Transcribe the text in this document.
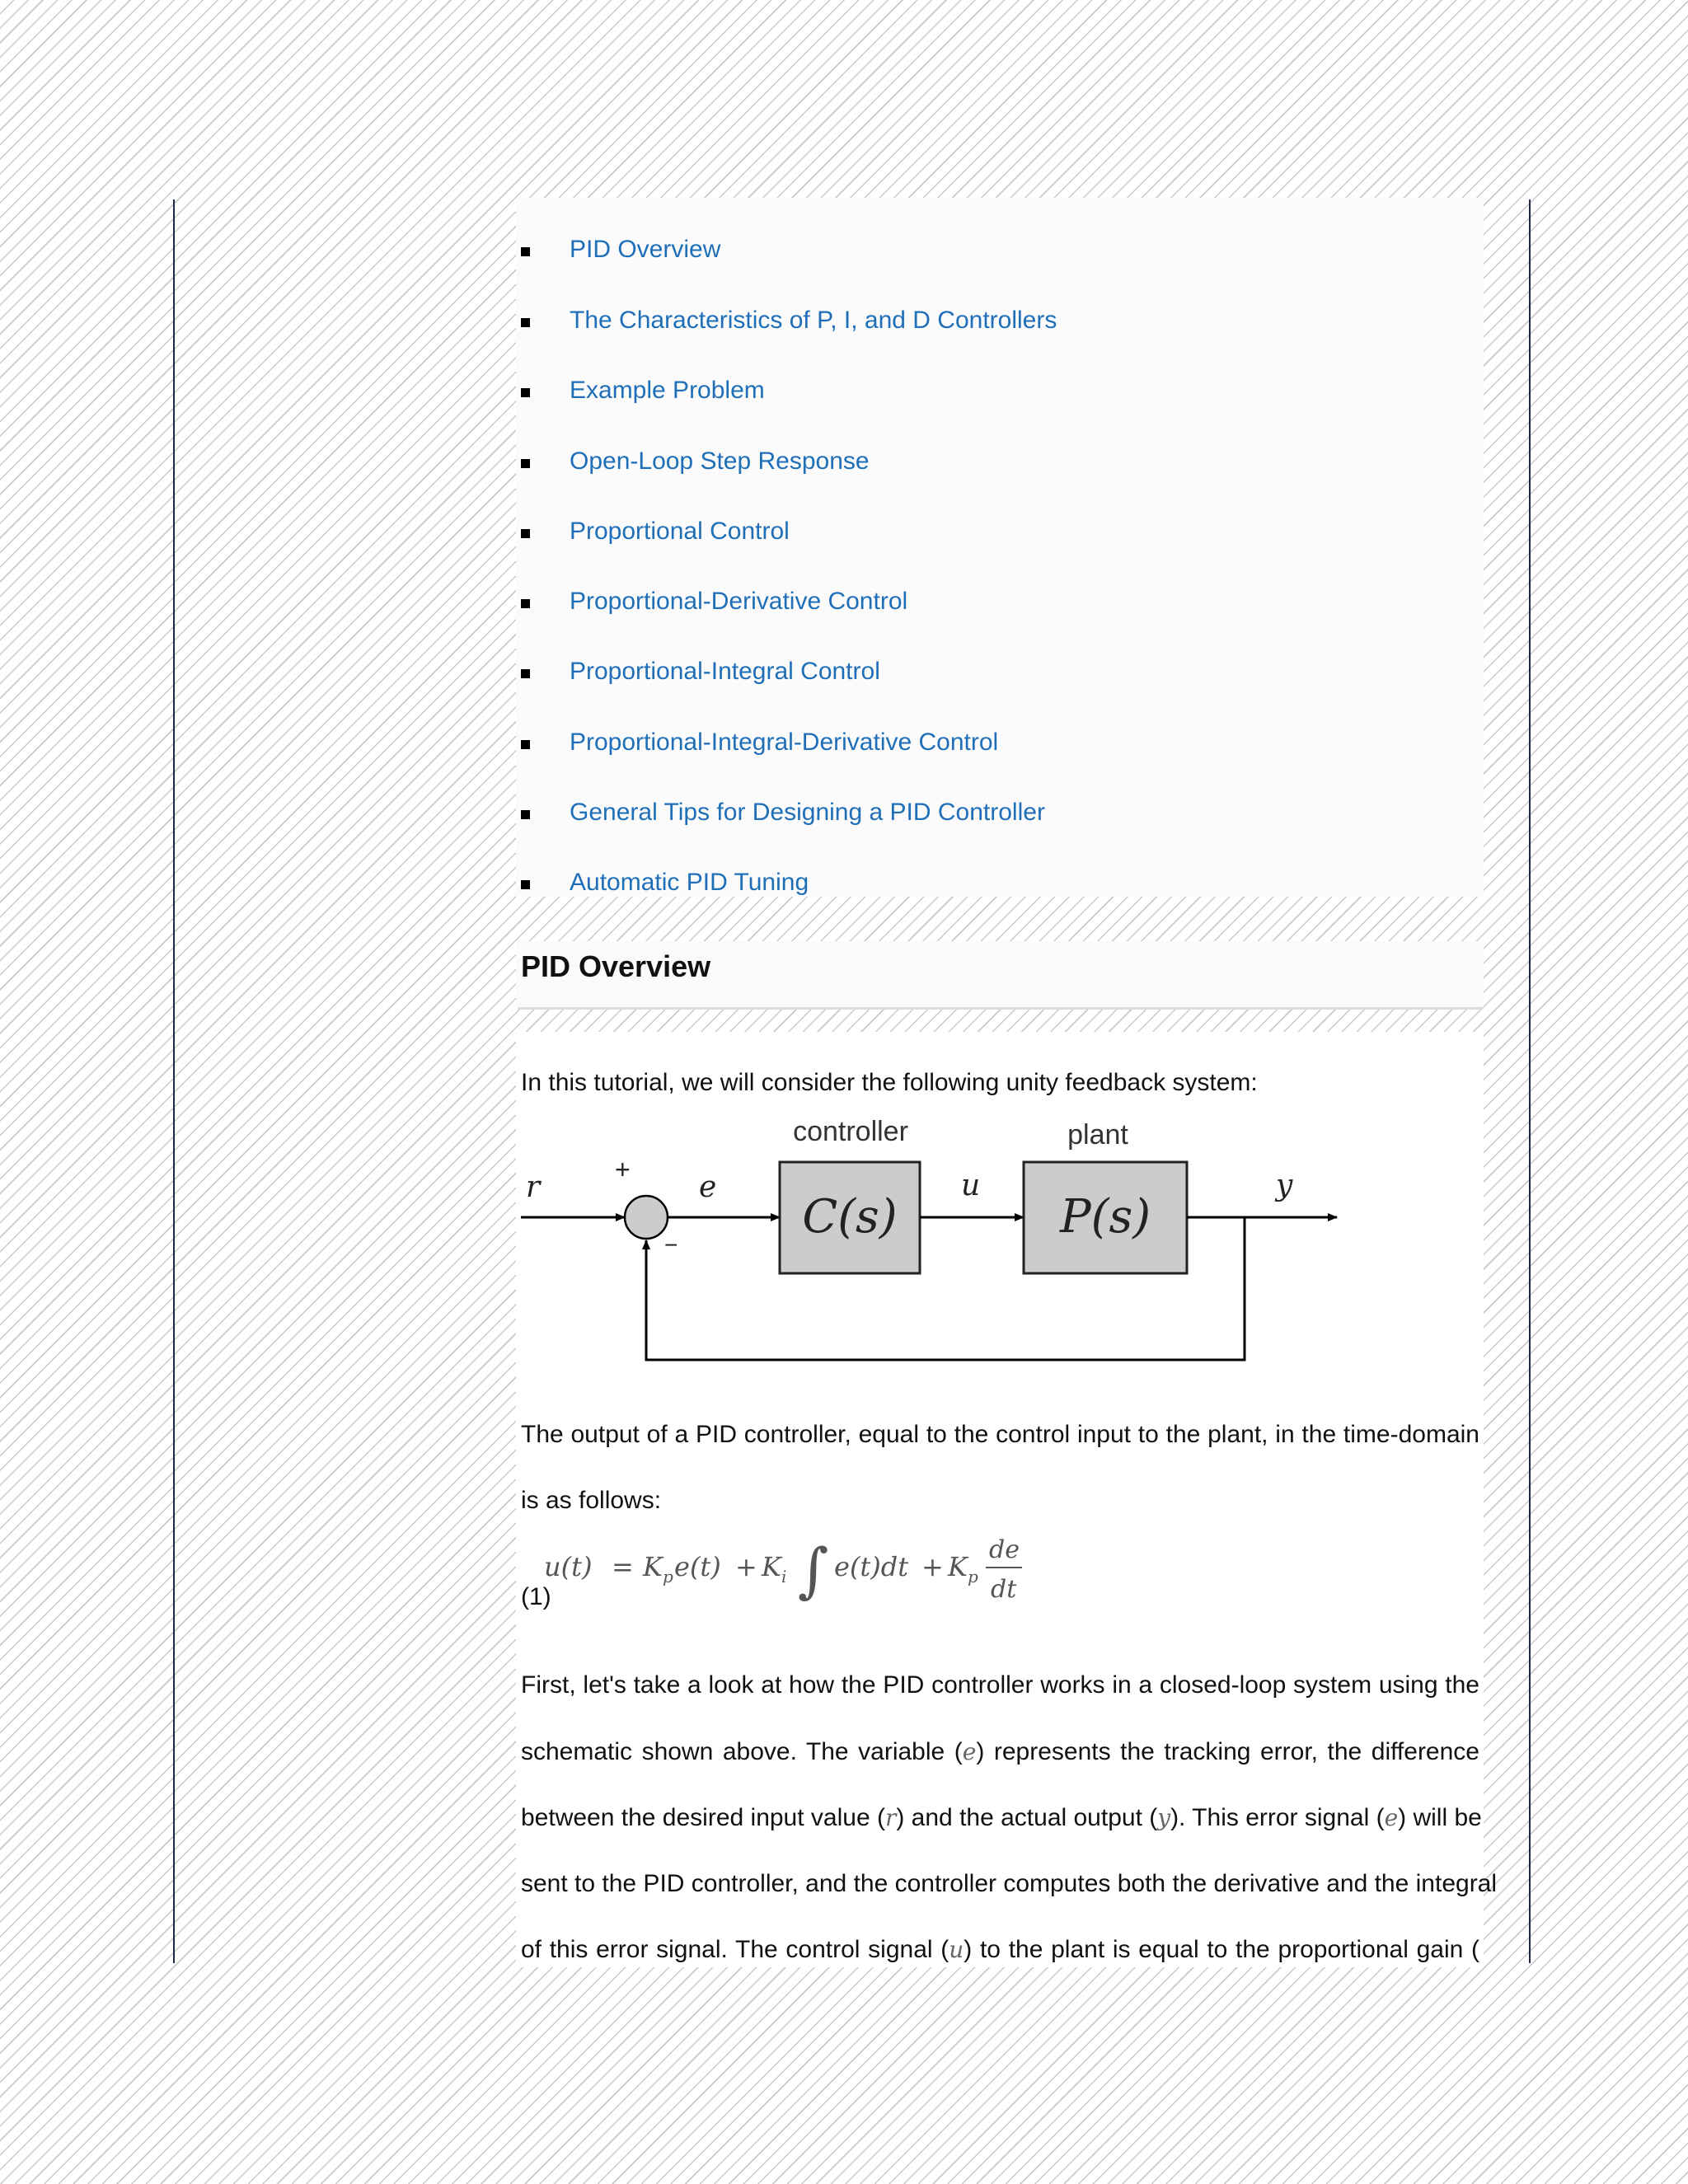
PID Overview
The Characteristics of P, I, and D Controllers
Example Problem
Open-Loop Step Response
Proportional Control
Proportional-Derivative Control
Proportional-Integral Control
Proportional-Integral-Derivative Control
General Tips for Designing a PID Controller
Automatic PID Tuning
PID Overview

In this tutorial, we will consider the following unity feedback system:

controller	plant
C(s)	P(s)
r
+
−
e	u	y

The output of a PID controller, equal to the control input to the plant, in the time-domain

is as follows:

u(t) = K p e(t) + K i ∫ e(t)dt + K p
de
dt

(1)

First, let's take a look at how the PID controller works in a closed-loop system using the

schematic shown above. The variable (e) represents the tracking error, the difference

between the desired input value (r) and the actual output (y). This error signal (e) will be

sent to the PID controller, and the controller computes both the derivative and the integral

of this error signal. The control signal (u) to the plant is equal to the proportional gain (
